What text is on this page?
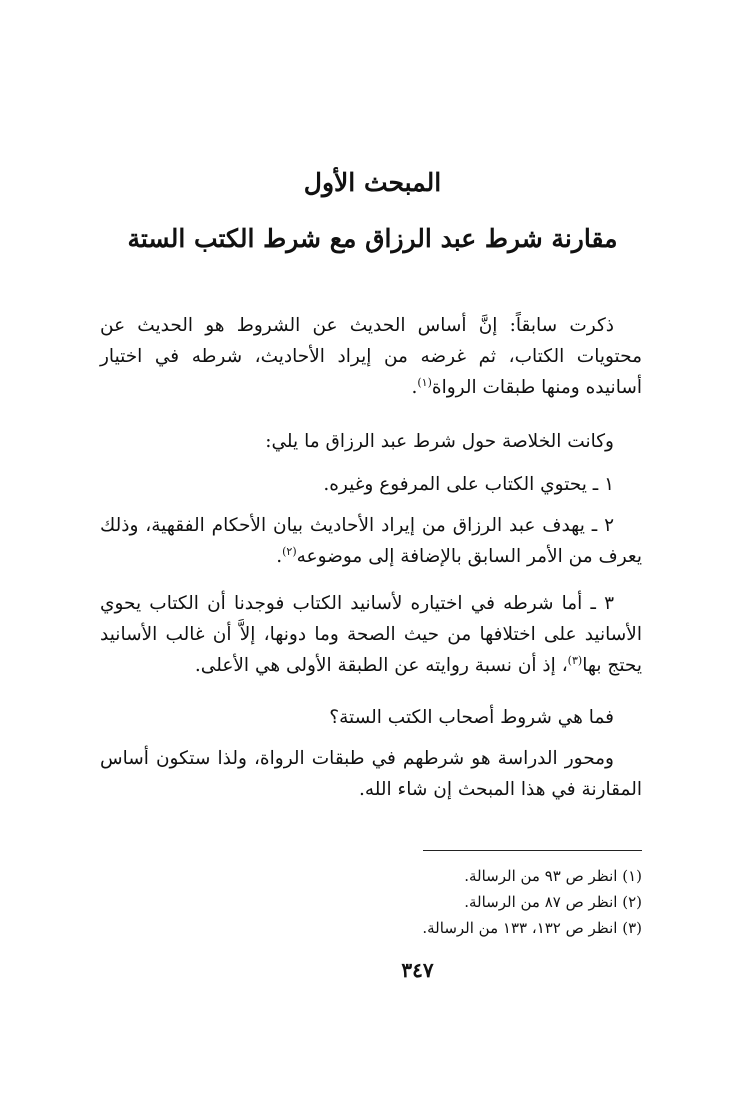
المبحث الأول
مقارنة شرط عبد الرزاق مع شرط الكتب الستة

ذكرت سابقاً: إنَّ أساس الحديث عن الشروط هو الحديث عن محتويات الكتاب، ثم غرضه من إيراد الأحاديث، شرطه في اختيار أسانيده ومنها طبقات الرواة$^{(١)}$.

وكانت الخلاصة حول شرط عبد الرزاق ما يلي:

١ ـ يحتوي الكتاب على المرفوع وغيره.

٢ ـ يهدف عبد الرزاق من إيراد الأحاديث بيان الأحكام الفقهية، وذلك يعرف من الأمر السابق بالإضافة إلى موضوعه$^{(٢)}$.

٣ ـ أما شرطه في اختياره لأسانيد الكتاب فوجدنا أن الكتاب يحوي الأسانيد على اختلافها من حيث الصحة وما دونها، إلاَّ أن غالب الأسانيد يحتج بها$^{(٣)}$، إذ أن نسبة روايته عن الطبقة الأولى هي الأعلى.

فما هي شروط أصحاب الكتب الستة؟

ومحور الدراسة هو شرطهم في طبقات الرواة، ولذا ستكون أساس المقارنة في هذا المبحث إن شاء الله.

(١) انظر ص ٩٣ من الرسالة.

(٢) انظر ص ٨٧ من الرسالة.

(٣) انظر ص ١٣٢، ١٣٣ من الرسالة.

٣٤٧
